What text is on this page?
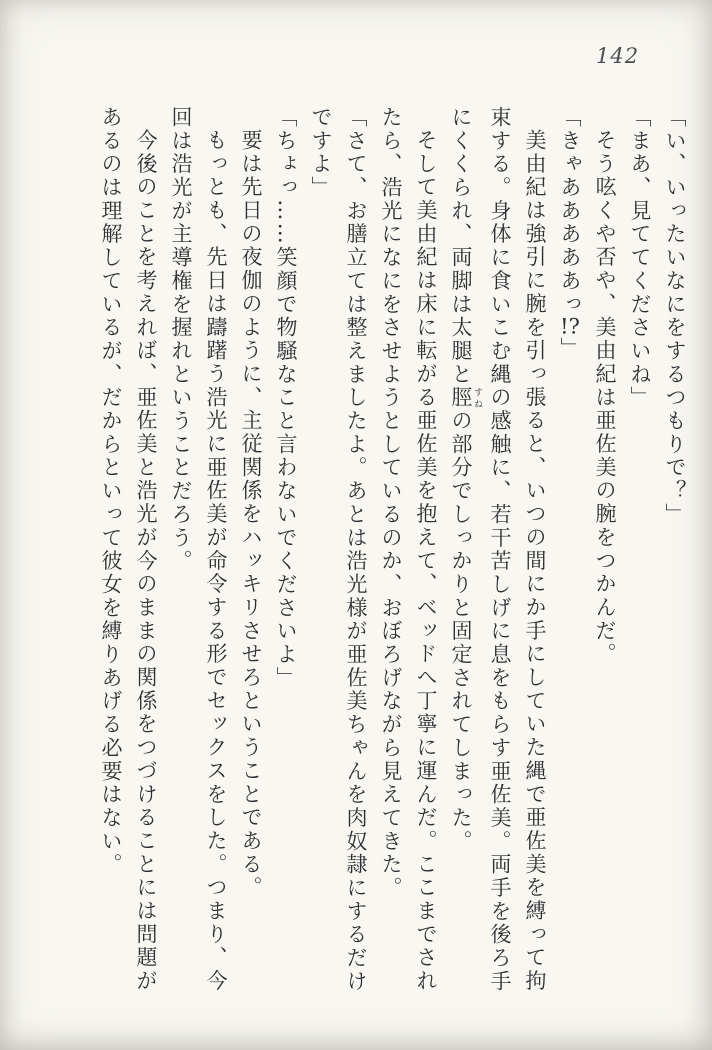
142
「い、いったいなにをするつもりで？」
「まあ、見ててくださいね」
そう呟くや否や、美由紀は亜佐美の腕をつかんだ。
「きゃあああああっ!?」
美由紀は強引に腕を引っ張ると、いつの間にか手にしていた縄で亜佐美を縛って拘
束する。身体に食いこむ縄の感触に、若干苦しげに息をもらす亜佐美。両手を後ろ手
にくくられ、両脚は太腿と脛 すねの部分でしっかりと固定されてしまった。
そして美由紀は床に転がる亜佐美を抱えて、ベッドへ丁寧に運んだ。ここまでされ
たら、浩光になにをさせようとしているのか、おぼろげながら見えてきた。
「さて、お膳立ては整えましたよ。あとは浩光様が亜佐美ちゃんを肉奴隷にするだけ
ですよ」
「ちょっ……笑顔で物騒なこと言わないでくださいよ」
要は先日の夜伽のように、主従関係をハッキリさせろということである。
もっとも、先日は躊躇う浩光に亜佐美が命令する形でセックスをした。つまり、今
回は浩光が主導権を握れということだろう。
今後のことを考えれば、亜佐美と浩光が今のままの関係をつづけることには問題が
あるのは理解しているが、だからといって彼女を縛りあげる必要はない。
